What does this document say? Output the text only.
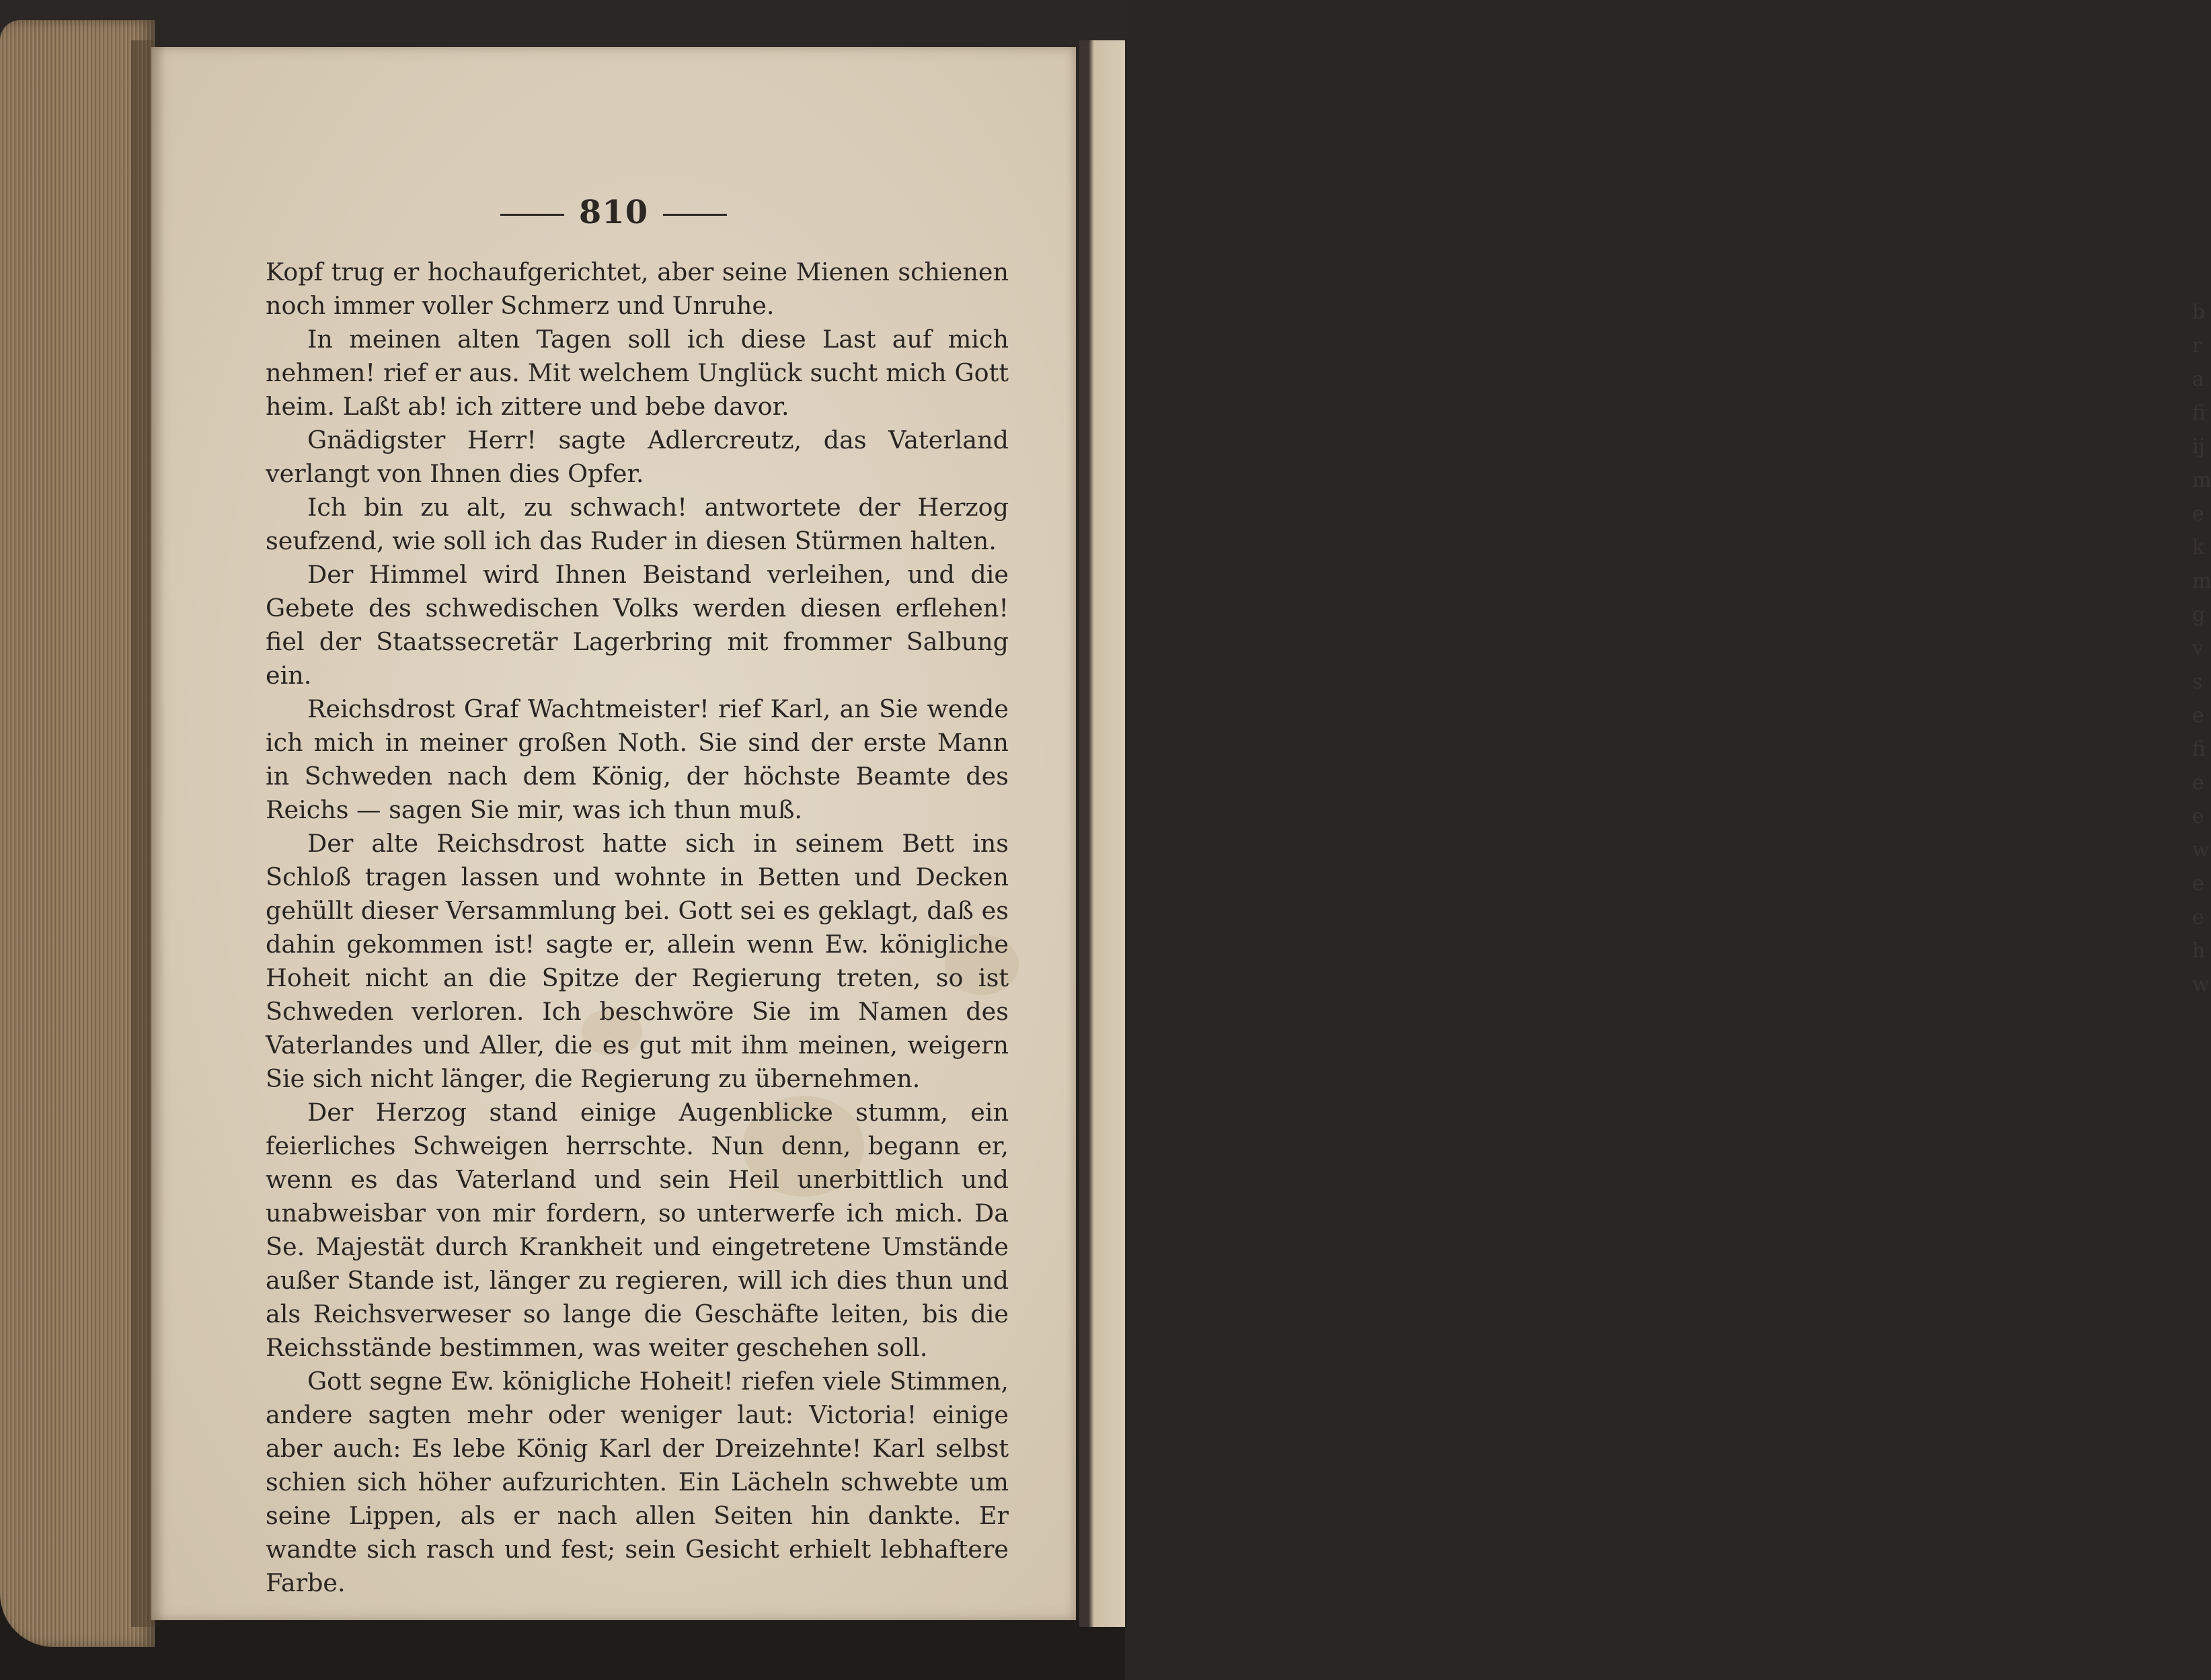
b r a fi ij m e k m g v s e fi e e w e e h w
810

Kopf trug er hochaufgerichtet, aber seine Mienen schienen noch immer voller Schmerz und Unruhe.

In meinen alten Tagen soll ich diese Last auf mich nehmen! rief er aus. Mit welchem Unglück sucht mich Gott heim. Laßt ab! ich zittere und bebe davor.

Gnädigster Herr! sagte Adlercreutz, das Vaterland verlangt von Ihnen dies Opfer.

Ich bin zu alt, zu schwach! antwortete der Herzog seufzend, wie soll ich das Ruder in diesen Stürmen halten.

Der Himmel wird Ihnen Beistand verleihen, und die Gebete des schwedischen Volks werden diesen erflehen! fiel der Staatssecretär Lagerbring mit frommer Salbung ein.

Reichsdrost Graf Wachtmeister! rief Karl, an Sie wende ich mich in meiner großen Noth. Sie sind der erste Mann in Schweden nach dem König, der höchste Beamte des Reichs — sagen Sie mir, was ich thun muß.

Der alte Reichsdrost hatte sich in seinem Bett ins Schloß tragen lassen und wohnte in Betten und Decken gehüllt dieser Versammlung bei. Gott sei es geklagt, daß es dahin gekommen ist! sagte er, allein wenn Ew. königliche Hoheit nicht an die Spitze der Regierung treten, so ist Schweden verloren. Ich beschwöre Sie im Namen des Vaterlandes und Aller, die es gut mit ihm meinen, weigern Sie sich nicht länger, die Regierung zu übernehmen.

Der Herzog stand einige Augenblicke stumm, ein feierliches Schweigen herrschte. Nun denn, begann er, wenn es das Vaterland und sein Heil unerbittlich und unabweisbar von mir fordern, so unterwerfe ich mich. Da Se. Majestät durch Krankheit und eingetretene Umstände außer Stande ist, länger zu regieren, will ich dies thun und als Reichsverweser so lange die Geschäfte leiten, bis die Reichsstände bestimmen, was weiter geschehen soll.

Gott segne Ew. königliche Hoheit! riefen viele Stimmen, andere sagten mehr oder weniger laut: Victoria! einige aber auch: Es lebe König Karl der Dreizehnte! Karl selbst schien sich höher aufzurichten. Ein Lächeln schwebte um seine Lippen, als er nach allen Seiten hin dankte. Er wandte sich rasch und fest; sein Gesicht erhielt lebhaftere Farbe.
